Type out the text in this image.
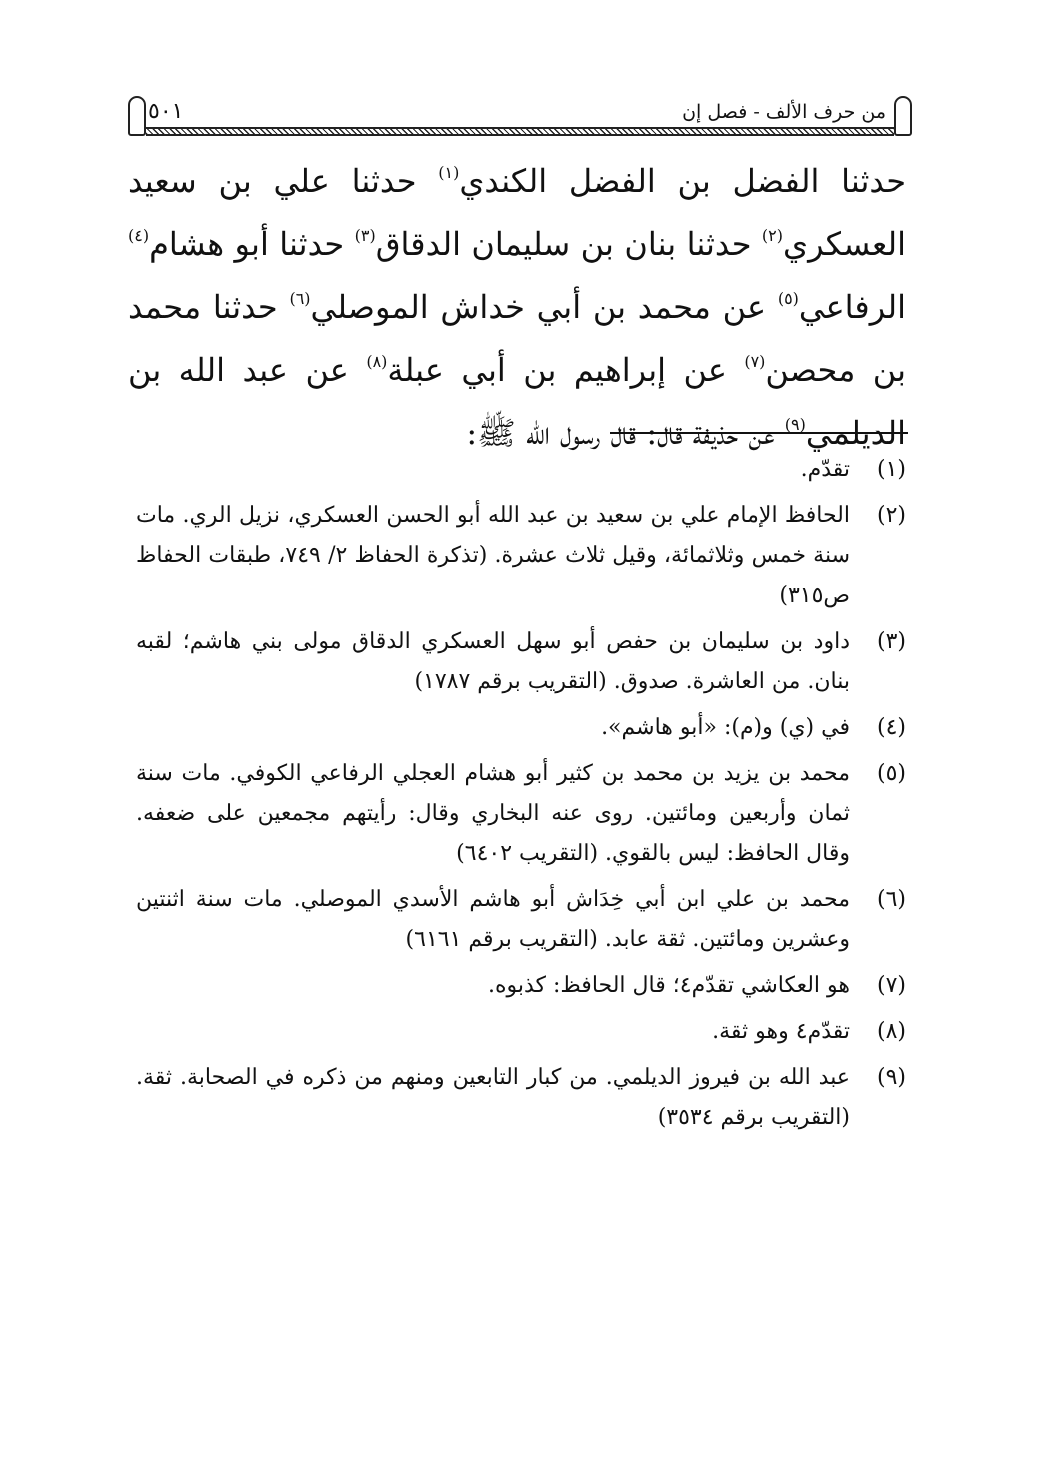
٥٠١	من حرف الألف - فصل إن

حدثنا الفضل بن الفضل الكندي$^{(١)}$ حدثنا علي بن سعيد العسكري$^{(٢)}$ حدثنا بنان بن سليمان الدقاق$^{(٣)}$ حدثنا أبو هشام$^{(٤)}$ الرفاعي$^{(٥)}$ عن محمد بن أبي خداش الموصلي$^{(٦)}$ حدثنا محمد بن محصن$^{(٧)}$ عن إبراهيم بن أبي عبلة$^{(٨)}$ عن عبد الله بن الديلمي$^{(٩)}$ عن حذيفة قال: قال رسول الله ﷺ:

(١)
تقدّم.
(٢)
الحافظ الإمام علي بن سعيد بن عبد الله أبو الحسن العسكري، نزيل الري. مات سنة خمس وثلاثمائة، وقيل ثلاث عشرة. (تذكرة الحفاظ ٢/ ٧٤٩، طبقات الحفاظ ص٣١٥)
(٣)
داود بن سليمان بن حفص أبو سهل العسكري الدقاق مولى بني هاشم؛ لقبه بنان. من العاشرة. صدوق. (التقريب برقم ١٧٨٧)
(٤)
في (ي) و(م): «أبو هاشم».
(٥)
محمد بن يزيد بن محمد بن كثير أبو هشام العجلي الرفاعي الكوفي. مات سنة ثمان وأربعين ومائتين. روى عنه البخاري وقال: رأيتهم مجمعين على ضعفه. وقال الحافظ: ليس بالقوي. (التقريب ٦٤٠٢)
(٦)
محمد بن علي ابن أبي خِدَاش أبو هاشم الأسدي الموصلي. مات سنة اثنتين وعشرين ومائتين. ثقة عابد. (التقريب برقم ٦١٦١)
(٧)
هو العكاشي تقدّم٤؛ قال الحافظ: كذبوه.
(٨)
تقدّم٤ وهو ثقة.
(٩)
عبد الله بن فيروز الديلمي. من كبار التابعين ومنهم من ذكره في الصحابة. ثقة. (التقريب برقم ٣٥٣٤)
